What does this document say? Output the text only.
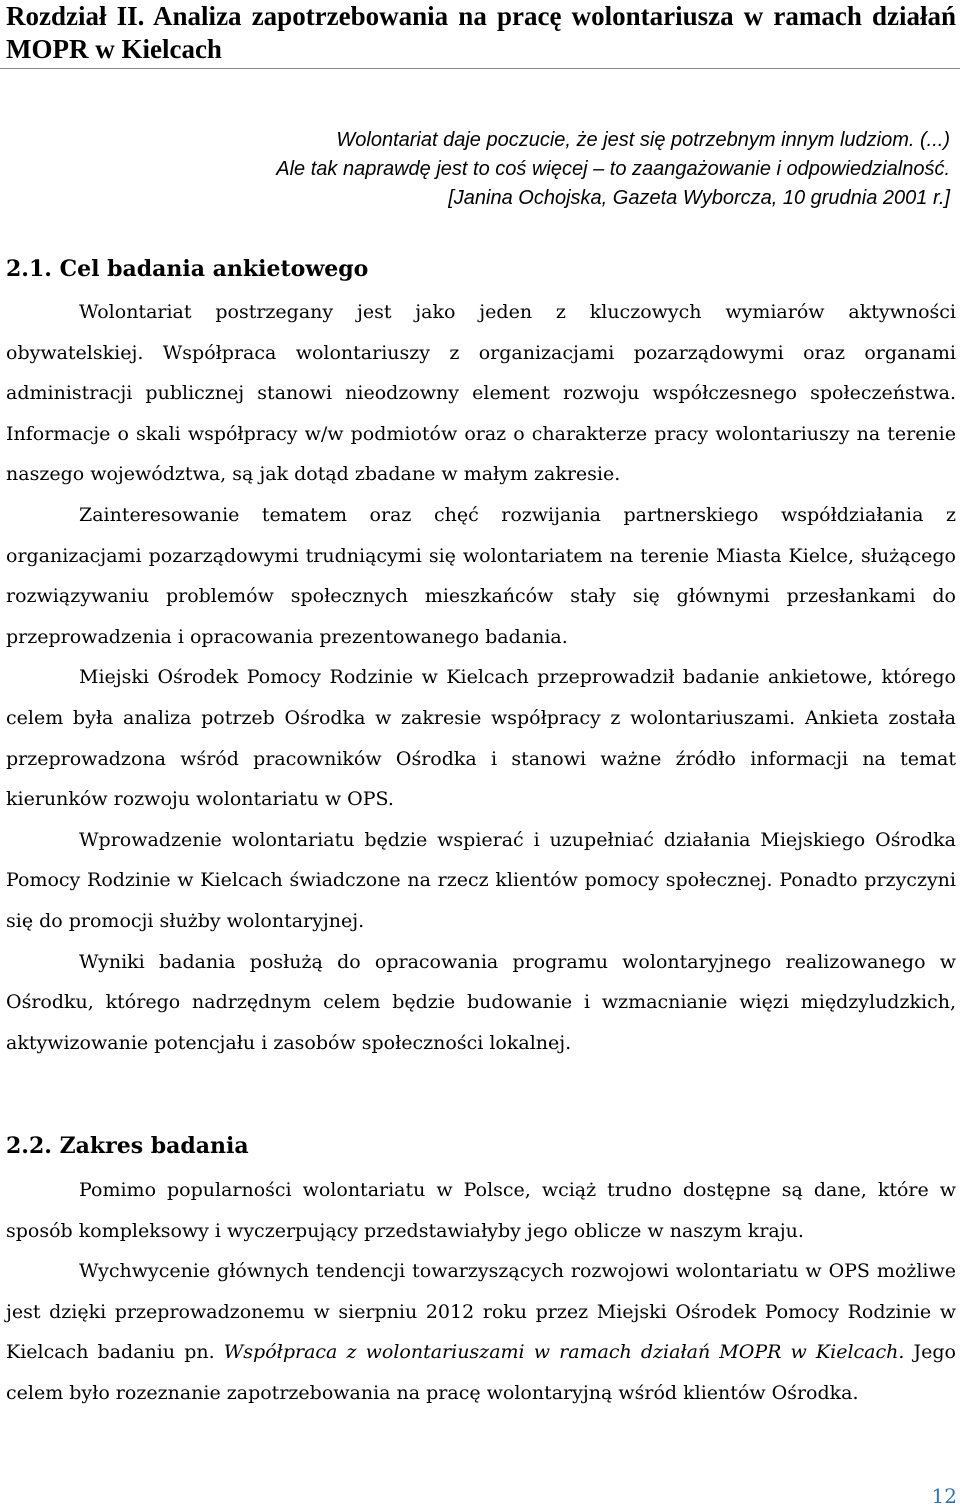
Rozdział II. Analiza zapotrzebowania na pracę wolontariusza w ramach działań MOPR w Kielcach
Wolontariat daje poczucie, że jest się potrzebnym innym ludziom. (...)
Ale tak naprawdę jest to coś więcej – to zaangażowanie i odpowiedzialność.
[Janina Ochojska, Gazeta Wyborcza, 10 grudnia 2001 r.]
2.1. Cel badania ankietowego

Wolontariat postrzegany jest jako jeden z kluczowych wymiarów aktywności obywatelskiej. Współpraca wolontariuszy z organizacjami pozarządowymi oraz organami administracji publicznej stanowi nieodzowny element rozwoju współczesnego społeczeństwa. Informacje o skali współpracy w/w podmiotów oraz o charakterze pracy wolontariuszy na terenie naszego województwa, są jak dotąd zbadane w małym zakresie.

Zainteresowanie tematem oraz chęć rozwijania partnerskiego współdziałania z organizacjami pozarządowymi trudniącymi się wolontariatem na terenie Miasta Kielce, służącego rozwiązywaniu problemów społecznych mieszkańców stały się głównymi przesłankami do przeprowadzenia i opracowania prezentowanego badania.

Miejski Ośrodek Pomocy Rodzinie w Kielcach przeprowadził badanie ankietowe, którego celem była analiza potrzeb Ośrodka w zakresie współpracy z wolontariuszami. Ankieta została przeprowadzona wśród pracowników Ośrodka i stanowi ważne źródło informacji na temat kierunków rozwoju wolontariatu w OPS.

Wprowadzenie wolontariatu będzie wspierać i uzupełniać działania Miejskiego Ośrodka Pomocy Rodzinie w Kielcach świadczone na rzecz klientów pomocy społecznej. Ponadto przyczyni się do promocji służby wolontaryjnej.

Wyniki badania posłużą do opracowania programu wolontaryjnego realizowanego w Ośrodku, którego nadrzędnym celem będzie budowanie i wzmacnianie więzi międzyludzkich, aktywizowanie potencjału i zasobów społeczności lokalnej.

2.2. Zakres badania

Pomimo popularności wolontariatu w Polsce, wciąż trudno dostępne są dane, które w sposób kompleksowy i wyczerpujący przedstawiałyby jego oblicze w naszym kraju.

Wychwycenie głównych tendencji towarzyszących rozwojowi wolontariatu w OPS możliwe jest dzięki przeprowadzonemu w sierpniu 2012 roku przez Miejski Ośrodek Pomocy Rodzinie w Kielcach badaniu pn. Współpraca z wolontariuszami w ramach działań MOPR w Kielcach. Jego celem było rozeznanie zapotrzebowania na pracę wolontaryjną wśród klientów Ośrodka.

12
